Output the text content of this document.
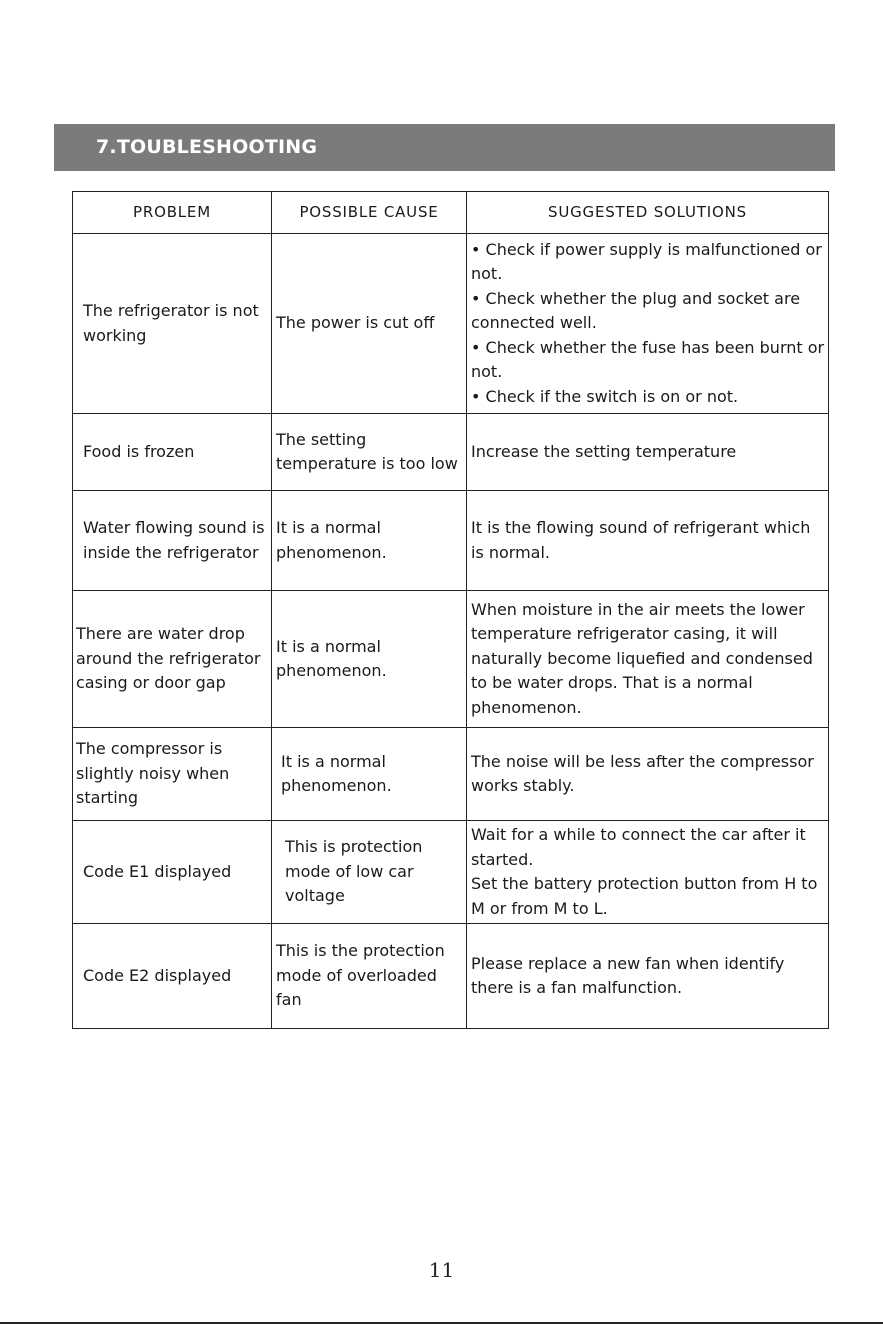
7.TOUBLESHOOTING
PROBLEM	POSSIBLE CAUSE	SUGGESTED SOLUTIONS
The refrigerator is not working	The power is cut off	• Check if power supply is malfunctioned or not.
• Check whether the plug and socket are connected well.
• Check whether the fuse has been burnt or not.
• Check if the switch is on or not.

Food is frozen	The setting temperature is too low	Increase the setting temperature

Water flowing sound is inside the refrigerator	It is a normal phenomenon.	It is the flowing sound of refrigerant which is normal.

There are water drop around the refrigerator casing or door gap	It is a normal phenomenon.	When moisture in the air meets the lower temperature refrigerator casing, it will naturally become liquefied and condensed to be water drops. That is a normal phenomenon.

The compressor is slightly noisy when starting	It is a normal phenomenon.	The noise will be less after the compressor works stably.

Code E1 displayed	This is protection mode of low car voltage	Wait for a while to connect the car after it started.
Set the battery protection button from H to M or from M to L.

Code E2 displayed	This is the protection mode of overloaded fan	Please replace a new fan when identify there is a fan malfunction.
11
